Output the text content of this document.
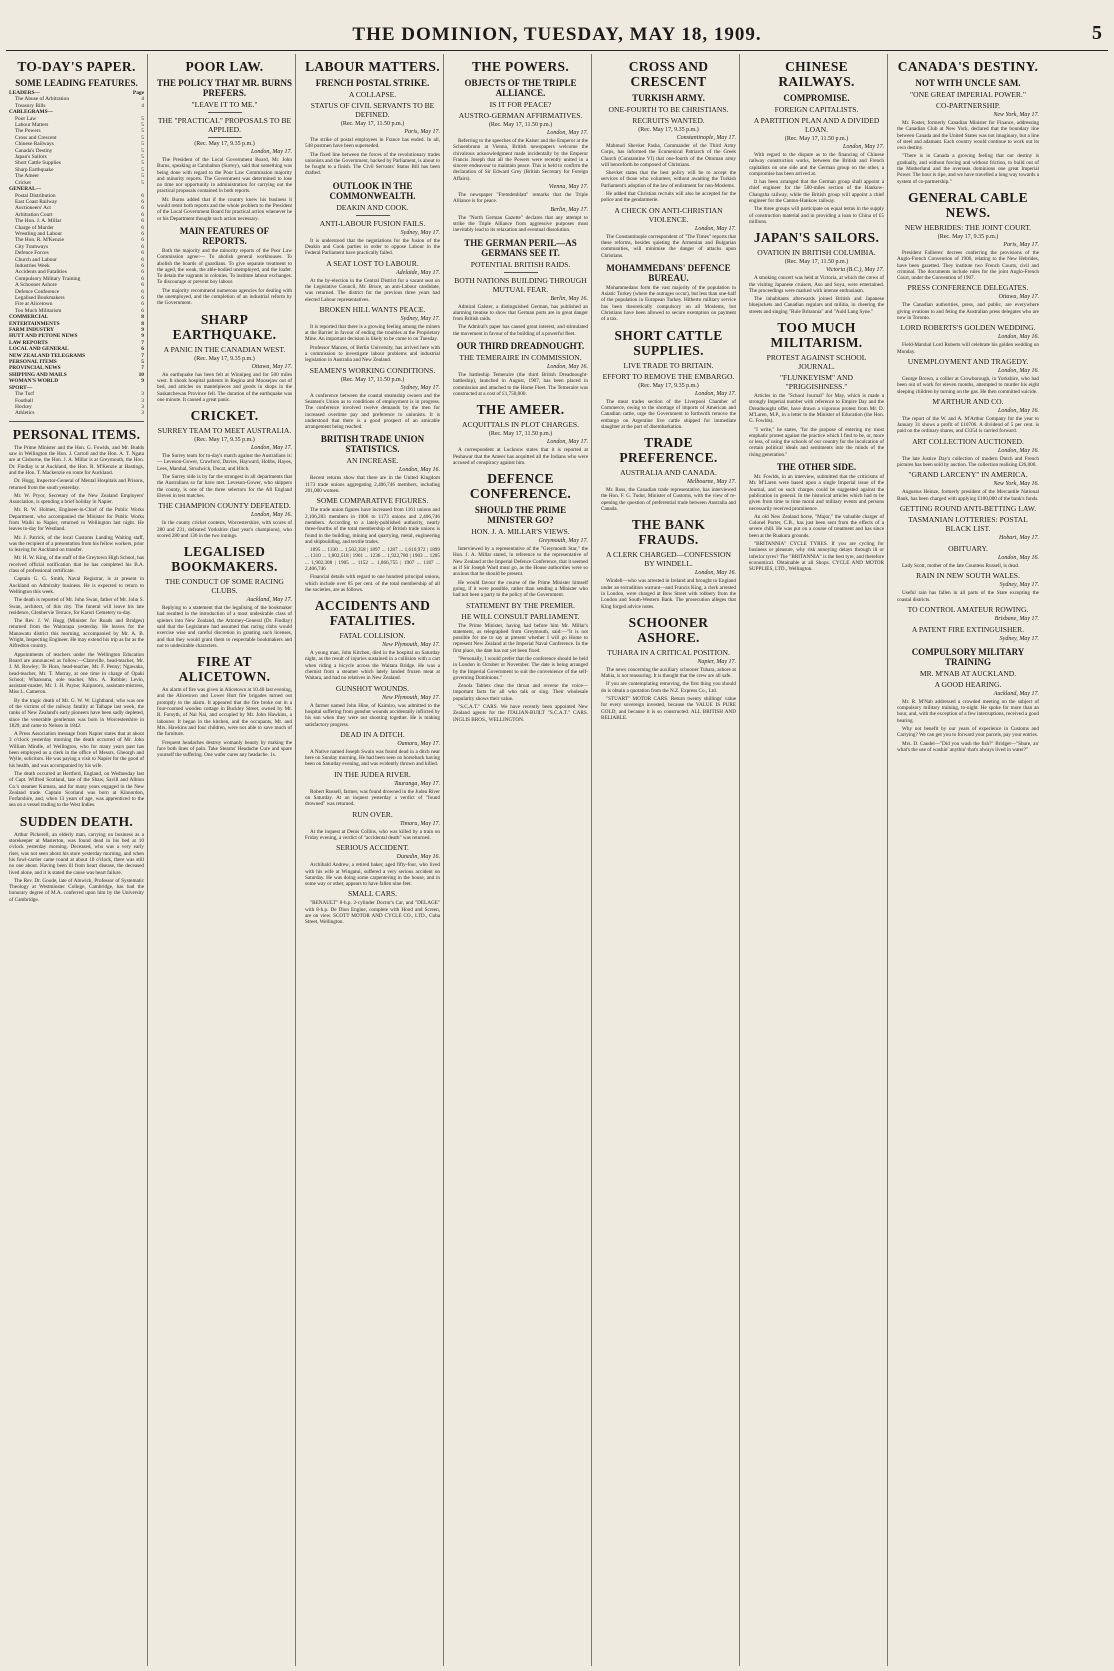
THE DOMINION, TUESDAY, MAY 18, 1909.	5
TO-DAY'S PAPER.
SOME LEADING FEATURES.
LEADERS—	Page
The Abuse of Arbitration	4
Treasury Bills	4
CABLEGRAMS—
Poor Law	5
Labour Matters	5
The Powers	5
Cross and Crescent	5
Chinese Railways	5
Canada's Destiny	5
Japan's Sailors	5
Short Cattle Supplies	5
Sharp Earthquake	5
The Ameer	5
Cricket	5
GENERAL—
Postal Distribution	6
East Coast Railway	6
Auctioneers' Act	6
Arbitration Court	6
The Hon. J. A. Millar	6
Charge of Murder	6
Wrestling and Labour	6
The Hon. R. M'Kenzie	6
City Tramways	6
Defence Forces	6
Church and Labour	6
Industries Week	6
Accidents and Fatalities	6
Compulsory Military Training	6
A Schooner Ashore	6
Defence Conference	6
Legalised Bookmakers	6
Fire at Alicetown	6
Too Much Militarism	6
COMMERCIAL	8
ENTERTAINMENTS	8
FARM INDUSTRY	9
HUTT AND PETONE NEWS	9
LAW REPORTS	7
LOCAL AND GENERAL	6
NEW ZEALAND TELEGRAMS	7
PERSONAL ITEMS	5
PROVINCIAL NEWS	7
SHIPPING AND MAILS	10
WOMAN'S WORLD	9
SPORT—
The Turf	3
Football	3
Hockey	3
Athletics	3
PERSONAL ITEMS.
The Prime Minister and the Hon. G. Fowlds, and Mr. Budds saw in Wellington the Hon. J. Carroll and the Hon. A. T. Ngata are at Gisborne, the Hon. J. A. Millar is at Greymouth, the Hon. Dr. Findlay is at Auckland, the Hon. R. M'Kenzie at Hastings, and the Hon. T. Mackenzie en route for Auckland.
Dr. Hogg, Inspector-General of Mental Hospitals and Prisons, returned from the south yesterday.
Mr. W. Pryor, Secretary of the New Zealand Employers' Association, is spending a brief holiday in Napier.
Mr. R. W. Holmes, Engineer-in-Chief of the Public Works Department, who accompanied the Minister for Public Works from Waihi to Napier, returned to Wellington last night. He leaves to-day for Westland.
Mr. J. Patrick, of the local Customs Landing Waiting staff, was the recipient of a presentation from his fellow workers, prior to leaving for Auckland on transfer.
Mr. H. W. King, of the staff of the Greytown High School, has received official notification that he has completed his B.A. class of professional certificate.
Captain G. G. Smith, Naval Registrar, is at present in Auckland on Admiralty business. He is expected to return to Wellington this week.
The death is reported of Mr. John Swan, father of Mr. John S. Swan, architect, of this city. The funeral will leave his late residence, Glenbervie Terrace, for Karori Cemetery to-day.
The Rev. J. W. Hogg (Minister for Roads and Bridges) returned from the Wairarapa yesterday. He leaves for the Manawatu district this morning, accompanied by Mr. A. B. Wright, Inspecting Engineer. He may extend his trip as far as the Alfredton country.
Appointments of teachers under the Wellington Education Board are announced as follow:—Clareville, head-teacher, Mr. J. M. Rowley; Te Horo, head-teacher, Mr. F. Penny; Ngawaka, head-teacher, Mr. T. Murray, at one time in charge of Opaki School; Whareama, sole teacher, Mrs. A. Robbie; Levin, assistant-master, Mr. J. H. Payne; Kaiparoro, assistant-mistress, Miss L. Cameron.
By the tragic death of Mr. G. W. W. Lightband, who was one of the victims of the railway fatality at Taihape last week, the ranks of New Zealand's early pioneers have been sadly depleted, since the venerable gentleman was born in Worcestershire in 1829, and came to Nelson in 1842.
A Press Association message from Napier states that at about 3 o'clock yesterday morning the death occurred of Mr. John William Mindle, of Wellington, who for many years past has been employed as a clerk in the office of Messrs. Gheorgh and Wylie, solicitors. He was paying a visit to Napier for the good of his health, and was accompanied by his wife.
The death occurred at Hertford, England, on Wednesday last of Capt. Wilfred Scotland, late of the Shaw, Savill and Albion Co.'s steamer Kumara, and for many years engaged in the New Zealand trade. Captain Scotland was born at Kinnordon, Forfarshire, and, when 13 years of age, was apprenticed to the sea on a vessel trading to the West Indies.
SUDDEN DEATH.
Arthur Pickerell, an elderly man, carrying on business as a storekeeper at Masterton, was found dead in his bed at 10 o'clock yesterday morning. Deceased, who was a very early riser, was not seen about his store yesterday morning, and when his fowl-carrier came round at about 10 o'clock, there was still no one about. Having been ill from heart disease, the deceased lived alone, and it is stated the cause was heart failure.
The Rev. Dr. Goode, late of Alnwick, Professor of Systematic Theology at Westminster College, Cambridge, has had the honorary degree of M.A. conferred upon him by the University of Cambridge.
POOR LAW.
THE POLICY THAT MR. BURNS PREFERS.
"LEAVE IT TO ME."
THE "PRACTICAL" PROPOSALS TO BE APPLIED.
(Rec. May 17, 9.35 p.m.)
London, May 17.
The President of the Local Government Board, Mr. John Burns, speaking at Carshalton (Surrey), said that something was being done with regard to the Poor Law Commission majority and minority reports. The Government was determined to lose no time nor opportunity in administration for carrying out the practical proposals contained in both reports.
Mr. Burns added that if the country knew his business it would remit both reports and the whole problem to the President of the Local Government Board for practical action whenever he or his Department thought such action necessary.
MAIN FEATURES OF REPORTS.
Both the majority and the minority reports of the Poor Law Commission agree:— To abolish general workhouses. To abolish the boards of guardians. To give separate treatment to the aged, the weak, the able-bodied unemployed, and the loafer. To detain the vagrants in colonies. To institute labour exchanges. To discourage or prevent boy labour.
The majority recommend numerous agencies for dealing with the unemployed, and the completion of an industrial reform by the Government.
SHARP EARTHQUAKE.
A PANIC IN THE CANADIAN WEST.
(Rec. May 17, 9.35 p.m.)
Ottawa, May 17.
An earthquake has been felt at Winnipeg and for 500 miles west. It shook hospital patients in Regina and Moosejaw out of bed, and articles on mantelpieces and goods in shops in the Saskatchewan Province fell. The duration of the earthquake was one minute. It caused a great panic.
CRICKET.
SURREY TEAM TO MEET AUSTRALIA.
(Rec. May 17, 9.35 p.m.)
London, May 17.
The Surrey team for to-day's match against the Australians is:— Leveson-Gower, Crawford, Davies, Hayward, Hobbs, Hayes, Lees, Marshal, Strudwick, Ducat, and Hitch.
The Surrey side is by far the strongest in all departments that the Australians so far have met. Leveson-Gower, who skippers the county, is one of the three selectors for the All England Eleven in test matches.
THE CHAMPION COUNTY DEFEATED.
London, May 16.
In the county cricket contests, Worcestershire, with scores of 280 and 231, defeated Yorkshire (last year's champions), who scored 280 and 136 in the two innings.
LEGALISED BOOKMAKERS.
THE CONDUCT OF SOME RACING CLUBS.
Auckland, May 17.
Replying to a statement that the legalising of the bookmaker had resulted in the introduction of a most undesirable class of spielers into New Zealand, the Attorney-General (Dr. Findlay) said that the Legislature had assumed that racing clubs would exercise wise and careful discretion in granting such licenses, and that they would grant them to respectable bookmakers and not to undesirable characters.
FIRE AT ALICETOWN.
An alarm of fire was given in Alicetown at 10.40 last evening, and the Alicetown and Lower Hutt fire brigades turned out promptly to the alarm. It appeared that the fire broke out in a four-roomed wooden cottage in Buckley Street, owned by Mr. R. Forsyth, of Nai Nai, and occupied by Mr. John Hawkins, a labourer. It began in the kitchen, and the occupants, Mr. and Mrs. Hawkins and four children, were not able to save much of the furniture.
Frequent headaches destroy womanly beauty by making the face both lines of pain. Take Stearns' Headache Cure and spare yourself the suffering. One wafer cures any headache. 1s.
LABOUR MATTERS.
FRENCH POSTAL STRIKE.
A COLLAPSE.
STATUS OF CIVIL SERVANTS TO BE DEFINED.
(Rec. May 17, 11.50 p.m.)
Paris, May 17.
The strike of postal employees in France has ended. In all, 548 postmen have been superseded.
The fixed line between the forces of the revolutionary trades unionists and the Government, backed by Parliament, is about to be fought to a finish. The Civil Servants' Status Bill has been drafted.
OUTLOOK IN THE COMMONWEALTH.
DEAKIN AND COOK.
ANTI-LABOUR FUSION FAILS.
Sydney, May 17.
It is understood that the negotiations for the fusion of the Deakin and Cook parties in order to oppose Labour in the Federal Parliament have practically failed.
A SEAT LOST TO LABOUR.
Adelaide, May 17.
At the by-election in the Central District for a vacant seat on the Legislative Council, Mr. Bruce, an anti-Labour candidate, was returned. The district for the previous three years had elected Labour representatives.
BROKEN HILL WANTS PEACE.
Sydney, May 17.
It is reported that there is a growing feeling among the miners at the Barrier in favour of ending the troubles at the Proprietary Mine. An important decision is likely to be come to on Tuesday.
Professor Mances, of Berlin University, has arrived here with a commission to investigate labour problems and industrial legislation in Australia and New Zealand.
SEAMEN'S WORKING CONDITIONS.
(Rec. May 17, 11.50 p.m.)
Sydney, May 17.
A conference between the coastal steamship owners and the Seamen's Union as to conditions of employment is in progress. The conference involved twelve demands by the men for increased overtime pay and preference to unionists. It is understood that there is a good prospect of an amicable arrangement being reached.
BRITISH TRADE UNION STATISTICS.
AN INCREASE.
London, May 16.
Recent returns show that there are in the United Kingdom 1173 trade unions aggregating 2,406,746 members, including 201,000 women.
SOME COMPARATIVE FIGURES.
The trade union figures have increased from 1161 unions and 2,106,283 members in 1906 to 1173 unions and 2,406,746 members. According to a lately-published authority, nearly three-fourths of the total membership of British trade unions is found in the building, mining and quarrying, metal, engineering and shipbuilding, and textile trades.
1895 ... 1330 ... 1,502,358 | 1897 ... 1287 ... 1,610,972 | 1899 ... 1310 ... 1,802,518 | 1901 ... 1236 ... 1,922,780 | 1903 ... 1205 ... 1,902,308 | 1905 ... 1152 ... 1,866,755 | 1907 ... 1187 ... 2,406,746
Financial details with regard to one hundred principal unions, which include over 85 per cent. of the total membership of all the societies, are as follows.
ACCIDENTS AND FATALITIES.
FATAL COLLISION.
New Plymouth, May 17.
A young man, John Kitchen, died in the hospital on Saturday night, as the result of injuries sustained in a collision with a cart when riding a bicycle across the Waitara Bridge. He was a chemist from a steamer which lately landed frozen meat at Waitara, and had no relatives in New Zealand.
GUNSHOT WOUNDS.
New Plymouth, May 17.
A farmer named John Hine, of Kaimiro, was admitted to the hospital suffering from gunshot wounds accidentally inflicted by his son when they were out shooting together. He is making satisfactory progress.
DEAD IN A DITCH.
Oamaru, May 17.
A Native named Joseph Swain was found dead in a ditch near here on Sunday morning. He had been seen on horseback having been on Saturday evening, and was evidently thrown and killed.
IN THE JUDEA RIVER.
Tauranga, May 17.
Robert Russell, farmer, was found drowned in the Judea River on Saturday. At an inquest yesterday a verdict of "found drowned" was returned.
RUN OVER.
Timaru, May 17.
At the inquest at Denis Collins, who was killed by a train on Friday evening, a verdict of "accidental death" was returned.
SERIOUS ACCIDENT.
Dunedin, May 16.
Archibald Andrew, a retired baker, aged fifty-four, who lived with his wife at Wingatui, suffered a very serious accident on Saturday. He was doing some carpentering in the house, and in some way or other, appears to have fallen nine feet.
SMALL CARS.
"RENAULT" 8-h.p. 2-cylinder Doctor's Car, and "DELAGE" with 8-h.p. De Dion Engine, complete with Hood and Screen, are on view. SCOTT MOTOR AND CYCLE CO., LTD., Cuba Street, Wellington.
THE POWERS.
OBJECTS OF THE TRIPLE ALLIANCE.
IS IT FOR PEACE?
AUSTRO-GERMAN AFFIRMATIVES.
(Rec. May 17, 11.50 p.m.)
London, May 17.
Referring to the speeches of the Kaiser and the Emperor at the Schoenbrunn at Vienna, British newspapers welcome the chivalrous acknowledgment made incidentally by the Emperor Francis Joseph that all the Powers were recently united in a sincere endeavour to maintain peace. This is held to confirm the declaration of Sir Edward Grey (British Secretary for Foreign Affairs).
Vienna, May 17.
The newspaper "Fremdenblatt" remarks that the Triple Alliance is for peace.
Berlin, May 17.
The "North German Gazette" declares that any attempt to strike the Triple Alliance from aggressive purposes must inevitably lead to its relaxation and eventual dissolution.
THE GERMAN PERIL—AS GERMANS SEE IT.
POTENTIAL BRITISH RAIDS.
BOTH NATIONS BUILDING THROUGH MUTUAL FEAR.
Berlin, May 16.
Admiral Galster, a distinguished German, has published an alarming treatise to show that German ports are in great danger from British raids.
The Admiral's paper has caused great interest, and stimulated the movement in favour of the building of a powerful fleet.
OUR THIRD DREADNOUGHT.
THE TEMERAIRE IN COMMISSION.
London, May 16.
The battleship Temeraire (the third British Dreadnought-battleship), launched in August, 1907, has been placed in commission and attached to the Home Fleet. The Temeraire was constructed at a cost of £1,750,000.
THE AMEER.
ACQUITTALS IN PLOT CHARGES.
(Rec. May 17, 11.50 p.m.)
London, May 17.
A correspondent at Lucknow states that it is reported at Peshawar that the Ameer has acquitted all the Indians who were accused of conspiracy against him.
DEFENCE CONFERENCE.
SHOULD THE PRIME MINISTER GO?
HON. J. A. MILLAR'S VIEWS.
Greymouth, May 17.
Interviewed by a representative of the "Greymouth Star," the Hon. J. A. Millar stated, in reference to the representative of New Zealand at the Imperial Defence Conference, that it seemed as if Sir Joseph Ward must go, as the House authorities were so anxious that he should be present.
He would favour the course of the Prime Minister himself going, if it were possible, rather than sending a Minister who had not been a party to the policy of the Government.
STATEMENT BY THE PREMIER.
HE WILL CONSULT PARLIAMENT.
The Prime Minister, having had before him Mr. Millar's statement, as telegraphed from Greymouth, said:—"It is not possible for me to say at present whether I will go Home to represent New Zealand at the Imperial Naval Conference. In the first place, the date has not yet been fixed.
"Personally, I would prefer that the conference should be held in London in October or November. The date is being arranged by the Imperial Government to suit the convenience of the self-governing Dominions."
Zenola Tablets clear the throat and reverse the voice—important facts for all who talk or sing. Their wholesale popularity shows their value.
"S.C.A.T." CARS. We have recently been appointed New Zealand agents for the ITALIAN-BUILT "S.C.A.T." CARS. INGLIS BROS., WELLINGTON.
CROSS AND CRESCENT
TURKISH ARMY.
ONE-FOURTH TO BE CHRISTIANS.
RECRUITS WANTED.
(Rec. May 17, 9.35 p.m.)
Constantinople, May 17.
Mahmud Shevket Pasha, Commander of the Third Army Corps, has informed the Ecumenical Patriarch of the Greek Church (Constantine VI) that one-fourth of the Ottoman army will henceforth be composed of Christians.
Shevket states that the best policy will be to accept the services of those who volunteer, without awaiting the Turkish Parliament's adoption of the law of enlistment for non-Moslems.
He added that Christian recruits will also be accepted for the police and the gendarmerie.
A CHECK ON ANTI-CHRISTIAN VIOLENCE.
London, May 17.
The Constantinople correspondent of "The Times" reports that these reforms, besides quieting the Armenian and Bulgarian communities, will minimise the danger of attacks upon Christians.
MOHAMMEDANS' DEFENCE BUREAU.
Mohammedans form the vast majority of the population in Asiatic Turkey (where the outrages occur), but less than one-half of the population in European Turkey. Hitherto military service has been theoretically compulsory on all Moslems, but Christians have been allowed to secure exemption on payment of a tax.
SHORT CATTLE SUPPLIES.
LIVE TRADE TO BRITAIN.
EFFORT TO REMOVE THE EMBARGO.
(Rec. May 17, 9.35 p.m.)
London, May 17.
The meat trades section of the Liverpool Chamber of Commerce, owing to the shortage of imports of American and Canadian cattle, urge the Government to forthwith remove the embargo on Argentine live cattle shipped for immediate slaughter at the port of disembarkation.
TRADE PREFERENCE.
AUSTRALIA AND CANADA.
Melbourne, May 17.
Mr. Ross, the Canadian trade representative, has interviewed the Hon. F. G. Tudor, Minister of Customs, with the view of re-opening the question of preferential trade between Australia and Canada.
THE BANK FRAUDS.
A CLERK CHARGED—CONFESSION BY WINDELL.
London, May 16.
Windell—who was arrested in Ireland and brought to England under an extradition warrant—and Francis King, a clerk arrested in London, were charged at Bow Street with robbery from the London and South-Western Bank. The prosecution alleges that King forged advice notes.
SCHOONER ASHORE.
TUHARA IN A CRITICAL POSITION.
Napier, May 17.
The news concerning the auxiliary schooner Tuhara, ashore at Mahia, is not reassuring. It is thought that the crew are all safe.
If you are contemplating removing, the first thing you should do is obtain a quotation from the N.Z. Express Co., Ltd.
"STUART" MOTOR CARS. Return twenty shillings' value for every sovereign invested, because the VALUE IS PURE GOLD, and because it is so constructed. ALL BRITISH AND RELIABLE.
CHINESE RAILWAYS.
COMPROMISE.
FOREIGN CAPITALISTS.
A PARTITION PLAN AND A DIVIDED LOAN.
(Rec. May 17, 11.50 p.m.)
London, May 17.
With regard to the dispute as to the financing of Chinese railway construction works, between the British and French capitalists on one side and the German group on the other, a compromise has been arrived at.
It has been arranged that the German group shall appoint a chief engineer for the 500-miles section of the Hankow-Changsha railway, while the British group will appoint a chief engineer for the Canton-Hankow railway.
The three groups will participate on equal terms in the supply of construction material and in providing a loan to China of £5 millions.
JAPAN'S SAILORS.
OVATION IN BRITISH COLUMBIA.
(Rec. May 17, 11.50 p.m.)
Victoria (B.C.), May 17.
A smoking concert was held at Victoria, at which the crews of the visiting Japanese cruisers, Aso and Soya, were entertained. The proceedings were marked with intense enthusiasm.
The inhabitants afterwards joined British and Japanese bluejackets and Canadian regulars and militia, in cheering the streets and singing "Rule Britannia" and "Auld Lang Syne."
TOO MUCH MILITARISM.
PROTEST AGAINST SCHOOL JOURNAL.
"FLUNKEYISM" AND "PRIGGISHNESS."
Articles in the "School Journal" for May, which is made a strongly Imperial number with reference to Empire Day and the Dreadnought offer, have drawn a vigorous protest from Mr. D. M'Laren, M.P., in a letter to the Minister of Education (the Hon. G. Fowlds).
"I write," he states, "for the purpose of entering my most emphatic protest against the practice which I find to be, or, more or less, of using the schools of our country for the inculcation of certain political ideals and sentiments into the minds of the rising generation."
THE OTHER SIDE.
Mr. Fowlds, in an interview, submitted that the criticisms of Mr. M'Laren were based upon a single Imperial issue of the Journal, and on such charges could be suggested against the publication in general. In the historical articles which had to be given from time to time moral and military events and persons necessarily received prominence.
An old New Zealand horse, "Major," the valuable charger of Colonel Porter, C.B., has just been sent from the effects of a severe chill. He was put on a course of treatment and has since been at the Ruakura grounds.
"BRITANNIA" CYCLE TYRES. If you are cycling for business or pleasure, why risk annoying delays through ill or inferior tyres? The "BRITANNIA" is the best tyre, and therefore economical. Obtainable at all Shops. CYCLE AND MOTOR SUPPLIES, LTD., Wellington.
CANADA'S DESTINY.
NOT WITH UNCLE SAM.
"ONE GREAT IMPERIAL POWER."
CO-PARTNERSHIP.
New York, May 17.
Mr. Foster, formerly Canadian Minister for Finance, addressing the Canadian Club at New York, declared that the boundary line between Canada and the United States was not imaginary, but a line of steel and adamant. Each country would continue to work out its own destiny.
"There is in Canada a growing feeling that our destiny is gradually, and without forcing and without friction, to build out of the Motherland and the overseas dominions one great Imperial Power. The hour is ripe, and we have travelled a long way towards a system of co-partnership."
GENERAL CABLE NEWS.
NEW HEBRIDES: THE JOINT COURT.
(Rec. May 17, 9.35 p.m.)
Paris, May 17.
President Fallieres' decrees conferring the provisions of the Anglo-French Convention of 1906, relating to the New Hebrides, have been gazetted. They institute two French Courts, civil and criminal. The documents include rules for the joint Anglo-French Court, under the Convention of 1907.
PRESS CONFERENCE DELEGATES.
Ottawa, May 17.
The Canadian authorities, press, and public, are everywhere giving ovations to and feting the Australian press delegates who are now in Toronto.
LORD ROBERTS'S GOLDEN WEDDING.
London, May 16.
Field-Marshal Lord Roberts will celebrate his golden wedding on Monday.
UNEMPLOYMENT AND TRAGEDY.
London, May 16.
George Brown, a collier at Crowborough, in Yorkshire, who had been out of work for eleven months, attempted to murder his eight sleeping children by turning on the gas. He then committed suicide.
M'ARTHUR AND CO.
London, May 16.
The report of the W. and A. M'Arthur Company for the year to January 31 shows a profit of £10706. A dividend of 5 per cent. is paid on the ordinary shares, and £3354 is carried forward.
ART COLLECTION AUCTIONED.
London, May 16.
The late Justice Day's collection of modern Dutch and French pictures has been sold by auction. The collection realising £26,000.
"GRAND LARCENY" IN AMERICA.
New York, May 16.
Augustus Heinze, formerly president of the Mercantile National Bank, has been charged with applying £100,000 of the bank's funds.
GETTING ROUND ANTI-BETTING LAW.
TASMANIAN LOTTERIES: POSTAL BLACK LIST.
Hobart, May 17.
OBITUARY.
London, May 16.
Lady Scott, mother of the late Countess Russell, is dead.
RAIN IN NEW SOUTH WALES.
Sydney, May 17.
Useful rain has fallen in all parts of the State excepting the coastal districts.
TO CONTROL AMATEUR ROWING.
Brisbane, May 17.
A PATENT FIRE EXTINGUISHER.
Sydney, May 17.
COMPULSORY MILITARY TRAINING
MR. M'NAB AT AUCKLAND.
A GOOD HEARING.
Auckland, May 17.
Mr. R. M'Nab addressed a crowded meeting on the subject of compulsory military training, to-night. He spoke for more than an hour, and, with the exception of a few interruptions, received a good hearing.
Why not benefit by our years of experience in Customs and Carrying? We can get you to forward your parcels, pay your entries.
Mrs. D. Caudel—"Did you wash the fish?" Bridget—"Shure, an' what's the use of washin' anythin' that's always lived in water?"
